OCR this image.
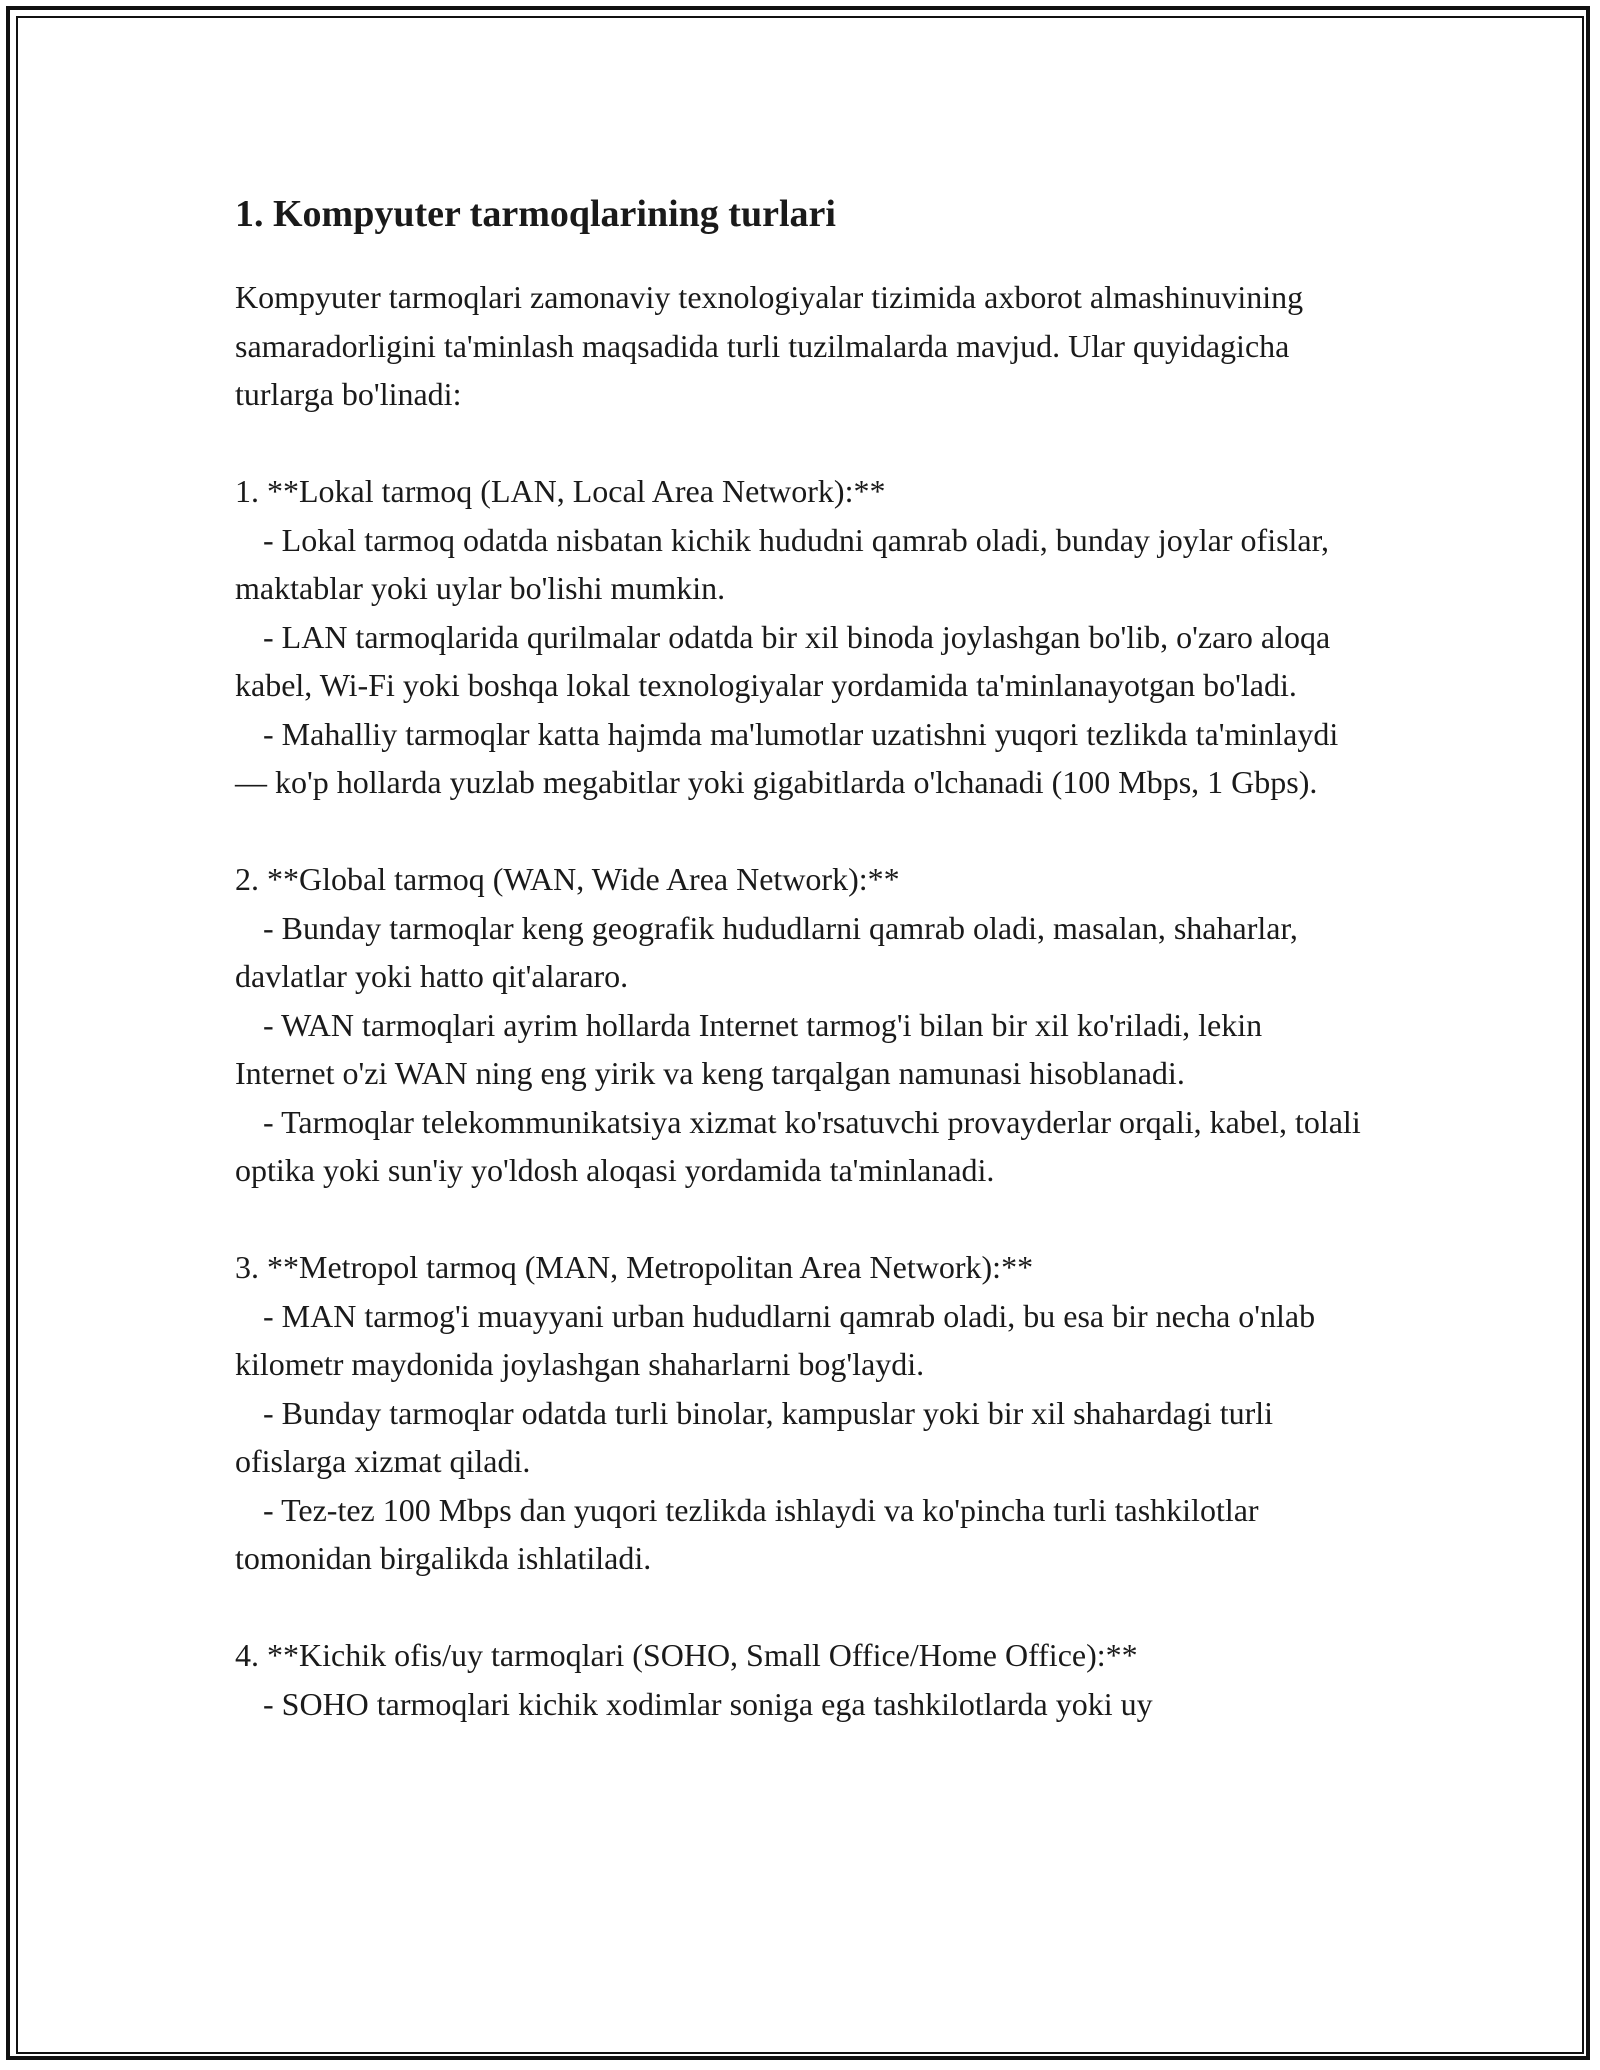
1. Kompyuter tarmoqlarining turlari

Kompyuter tarmoqlari zamonaviy texnologiyalar tizimida axborot almashinuvining samaradorligini ta'minlash maqsadida turli tuzilmalarda mavjud. Ular quyidagicha turlarga bo'linadi:

1. **Lokal tarmoq (LAN, Local Area Network):**

- Lokal tarmoq odatda nisbatan kichik hududni qamrab oladi, bunday joylar ofislar, maktablar yoki uylar bo'lishi mumkin.

- LAN tarmoqlarida qurilmalar odatda bir xil binoda joylashgan bo'lib, o'zaro aloqa kabel, Wi-Fi yoki boshqa lokal texnologiyalar yordamida ta'minlanayotgan bo'ladi.

- Mahalliy tarmoqlar katta hajmda ma'lumotlar uzatishni yuqori tezlikda ta'minlaydi — ko'p hollarda yuzlab megabitlar yoki gigabitlarda o'lchanadi (100 Mbps, 1 Gbps).

2. **Global tarmoq (WAN, Wide Area Network):**

- Bunday tarmoqlar keng geografik hududlarni qamrab oladi, masalan, shaharlar, davlatlar yoki hatto qit'alararo.

- WAN tarmoqlari ayrim hollarda Internet tarmog'i bilan bir xil ko'riladi, lekin Internet o'zi WAN ning eng yirik va keng tarqalgan namunasi hisoblanadi.

- Tarmoqlar telekommunikatsiya xizmat ko'rsatuvchi provayderlar orqali, kabel, tolali optika yoki sun'iy yo'ldosh aloqasi yordamida ta'minlanadi.

3. **Metropol tarmoq (MAN, Metropolitan Area Network):**

- MAN tarmog'i muayyani urban hududlarni qamrab oladi, bu esa bir necha o'nlab kilometr maydonida joylashgan shaharlarni bog'laydi.

- Bunday tarmoqlar odatda turli binolar, kampuslar yoki bir xil shahardagi turli ofislarga xizmat qiladi.

- Tez-tez 100 Mbps dan yuqori tezlikda ishlaydi va ko'pincha turli tashkilotlar tomonidan birgalikda ishlatiladi.

4. **Kichik ofis/uy tarmoqlari (SOHO, Small Office/Home Office):**

- SOHO tarmoqlari kichik xodimlar soniga ega tashkilotlarda yoki uy
